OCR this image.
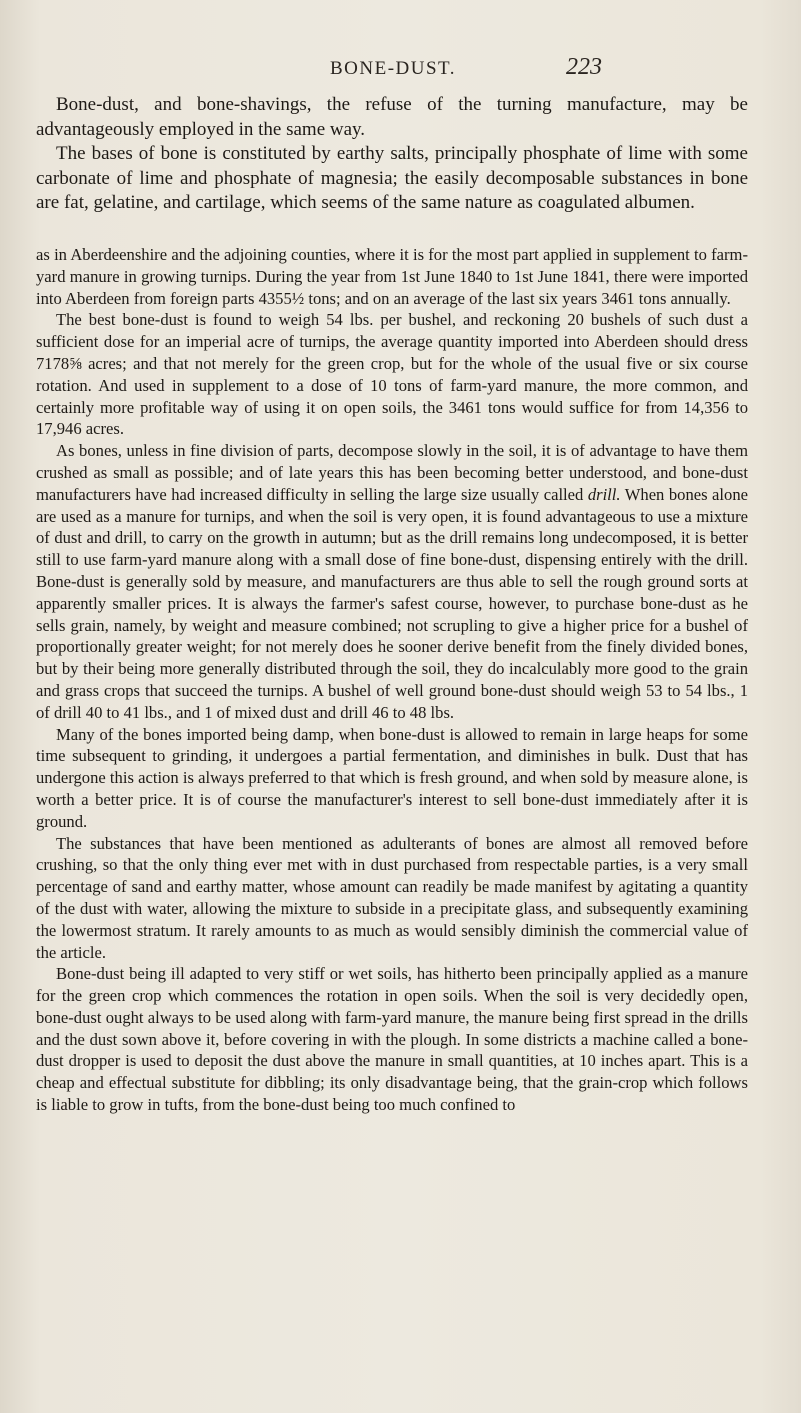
BONE-DUST.	223

Bone-dust, and bone-shavings, the refuse of the turning manufacture, may be advantageously employed in the same way.

The bases of bone is constituted by earthy salts, principally phosphate of lime with some carbonate of lime and phosphate of magnesia; the easily decomposable substances in bone are fat, gelatine, and cartilage, which seems of the same nature as coagulated albumen.

as in Aberdeenshire and the adjoining counties, where it is for the most part applied in supplement to farm-yard manure in growing turnips. During the year from 1st June 1840 to 1st June 1841, there were imported into Aberdeen from foreign parts 4355½ tons; and on an average of the last six years 3461 tons annually.

The best bone-dust is found to weigh 54 lbs. per bushel, and reckoning 20 bushels of such dust a sufficient dose for an imperial acre of turnips, the average quantity imported into Aberdeen should dress 7178⅝ acres; and that not merely for the green crop, but for the whole of the usual five or six course rotation. And used in supplement to a dose of 10 tons of farm-yard manure, the more common, and certainly more profitable way of using it on open soils, the 3461 tons would suffice for from 14,356 to 17,946 acres.

As bones, unless in fine division of parts, decompose slowly in the soil, it is of advantage to have them crushed as small as possible; and of late years this has been becoming better understood, and bone-dust manufacturers have had increased difficulty in selling the large size usually called drill. When bones alone are used as a manure for turnips, and when the soil is very open, it is found advantageous to use a mixture of dust and drill, to carry on the growth in autumn; but as the drill remains long undecomposed, it is better still to use farm-yard manure along with a small dose of fine bone-dust, dispensing entirely with the drill. Bone-dust is generally sold by measure, and manufacturers are thus able to sell the rough ground sorts at apparently smaller prices. It is always the farmer's safest course, however, to purchase bone-dust as he sells grain, namely, by weight and measure combined; not scrupling to give a higher price for a bushel of proportionally greater weight; for not merely does he sooner derive benefit from the finely divided bones, but by their being more generally distributed through the soil, they do incalculably more good to the grain and grass crops that succeed the turnips. A bushel of well ground bone-dust should weigh 53 to 54 lbs., 1 of drill 40 to 41 lbs., and 1 of mixed dust and drill 46 to 48 lbs.

Many of the bones imported being damp, when bone-dust is allowed to remain in large heaps for some time subsequent to grinding, it undergoes a partial fermentation, and diminishes in bulk. Dust that has undergone this action is always preferred to that which is fresh ground, and when sold by measure alone, is worth a better price. It is of course the manufacturer's interest to sell bone-dust immediately after it is ground.

The substances that have been mentioned as adulterants of bones are almost all removed before crushing, so that the only thing ever met with in dust purchased from respectable parties, is a very small percentage of sand and earthy matter, whose amount can readily be made manifest by agitating a quantity of the dust with water, allowing the mixture to subside in a precipitate glass, and subsequently examining the lowermost stratum. It rarely amounts to as much as would sensibly diminish the commercial value of the article.

Bone-dust being ill adapted to very stiff or wet soils, has hitherto been principally applied as a manure for the green crop which commences the rotation in open soils. When the soil is very decidedly open, bone-dust ought always to be used along with farm-yard manure, the manure being first spread in the drills and the dust sown above it, before covering in with the plough. In some districts a machine called a bone-dust dropper is used to deposit the dust above the manure in small quantities, at 10 inches apart. This is a cheap and effectual substitute for dibbling; its only disadvantage being, that the grain-crop which follows is liable to grow in tufts, from the bone-dust being too much confined to
